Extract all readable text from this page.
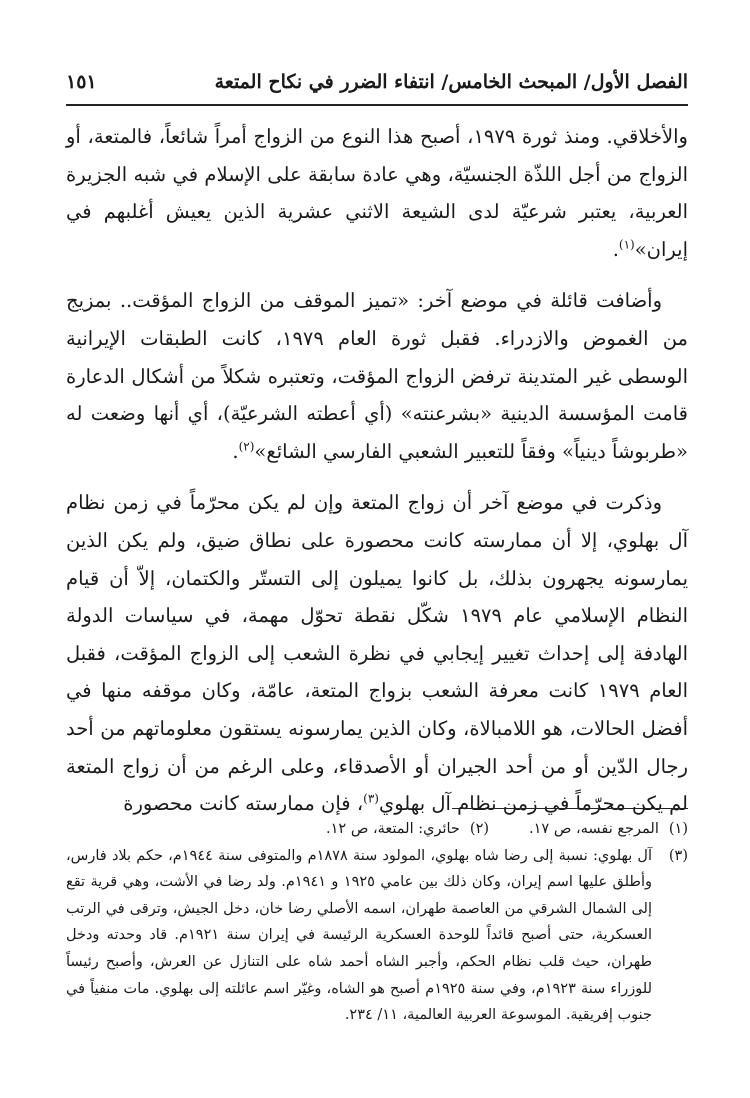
الفصل الأول/ المبحث الخامس/ انتفاء الضرر في نكاح المتعة
١٥١

والأخلاقي. ومنذ ثورة ١٩٧٩، أصبح هذا النوع من الزواج أمراً شائعاً، فالمتعة، أو الزواج من أجل اللذّة الجنسيّة، وهي عادة سابقة على الإسلام في شبه الجزيرة العربية، يعتبر شرعيّة لدى الشيعة الاثني عشرية الذين يعيش أغلبهم في إيران»$^{(١)}$.

وأضافت قائلة في موضع آخر: «تميز الموقف من الزواج المؤقت.. بمزيج من الغموض والازدراء. فقبل ثورة العام ١٩٧٩، كانت الطبقات الإيرانية الوسطى غير المتدينة ترفض الزواج المؤقت، وتعتبره شكلاً من أشكال الدعارة قامت المؤسسة الدينية «بشرعنته» (أي أعطته الشرعيّة)، أي أنها وضعت له «طربوشاً دينياً» وفقاً للتعبير الشعبي الفارسي الشائع»$^{(٢)}$.

وذكرت في موضع آخر أن زواج المتعة وإن لم يكن محرّماً في زمن نظام آل بهلوي، إلا أن ممارسته كانت محصورة على نطاق ضيق، ولم يكن الذين يمارسونه يجهرون بذلك، بل كانوا يميلون إلى التستّر والكتمان، إلاّ أن قيام النظام الإسلامي عام ١٩٧٩ شكّل نقطة تحوّل مهمة، في سياسات الدولة الهادفة إلى إحداث تغيير إيجابي في نظرة الشعب إلى الزواج المؤقت، فقبل العام ١٩٧٩ كانت معرفة الشعب بزواج المتعة، عامّة، وكان موقفه منها في أفضل الحالات، هو اللامبالاة، وكان الذين يمارسونه يستقون معلوماتهم من أحد رجال الدّين أو من أحد الجيران أو الأصدقاء، وعلى الرغم من أن زواج المتعة لم يكن محرّماً في زمن نظام آل بهلوي$^{(٣)}$، فإن ممارسته كانت محصورة

(١)
المرجع نفسه، ص ١٧.
(٢)
حائري: المتعة، ص ١٢.
(٣)
آل بهلوي: نسبة إلى رضا شاه بهلوي، المولود سنة ١٨٧٨م والمتوفى سنة ١٩٤٤م، حكم بلاد فارس، وأطلق عليها اسم إيران، وكان ذلك بين عامي ١٩٢٥ و ١٩٤١م. ولد رضا في الأشت، وهي قرية تقع إلى الشمال الشرقي من العاصمة طهران، اسمه الأصلي رضا خان، دخل الجيش، وترقى في الرتب العسكرية، حتى أصبح قائداً للوحدة العسكرية الرئيسة في إيران سنة ١٩٢١م. قاد وحدته ودخل طهران، حيث قلب نظام الحكم، وأجبر الشاه أحمد شاه على التنازل عن العرش، وأصبح رئيساً للوزراء سنة ١٩٢٣م، وفي سنة ١٩٢٥م أصبح هو الشاه، وغيّر اسم عائلته إلى بهلوي. مات منفياً في جنوب إفريقية. الموسوعة العربية العالمية، ١١/ ٢٣٤.
